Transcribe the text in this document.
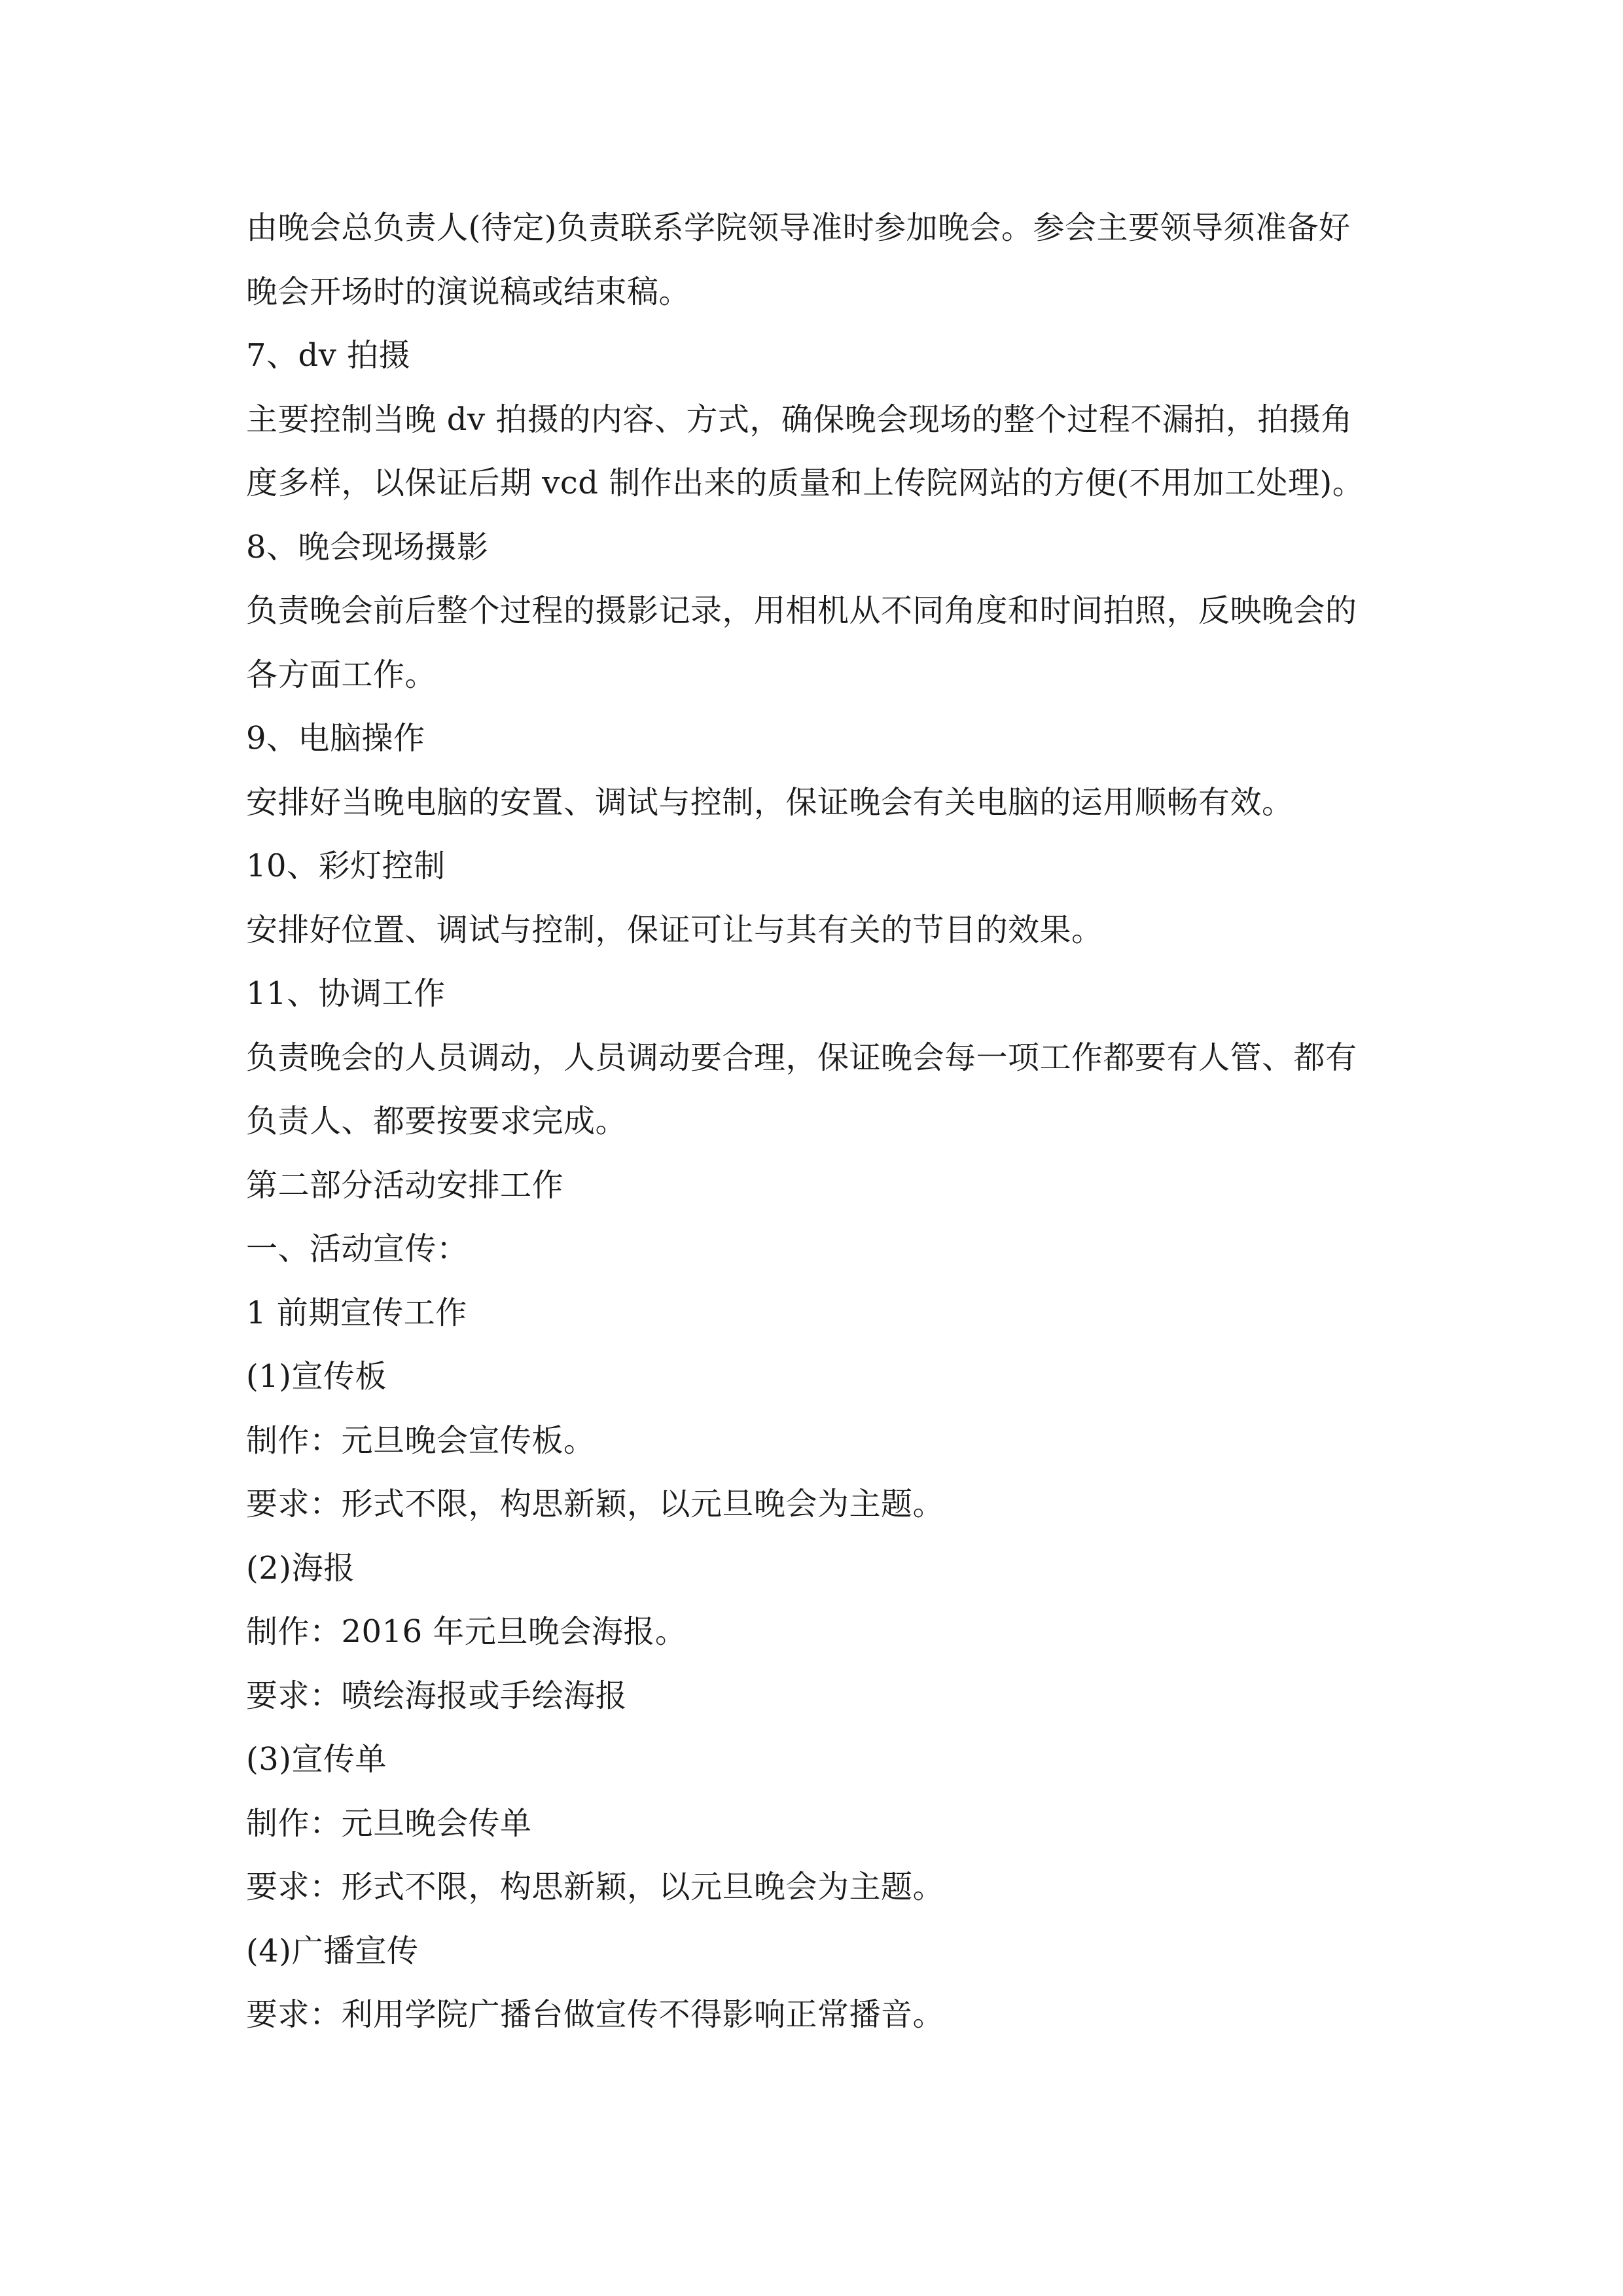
由晚会总负责人(待定)负责联系学院领导准时参加晚会。参会主要领导须准备好
晚会开场时的演说稿或结束稿。
7、dv 拍摄
主要控制当晚 dv 拍摄的内容、方式，确保晚会现场的整个过程不漏拍，拍摄角
度多样，以保证后期 vcd 制作出来的质量和上传院网站的方便(不用加工处理)。
8、晚会现场摄影
负责晚会前后整个过程的摄影记录，用相机从不同角度和时间拍照，反映晚会的
各方面工作。
9、电脑操作
安排好当晚电脑的安置、调试与控制，保证晚会有关电脑的运用顺畅有效。
10、彩灯控制
安排好位置、调试与控制，保证可让与其有关的节目的效果。
11、协调工作
负责晚会的人员调动，人员调动要合理，保证晚会每一项工作都要有人管、都有
负责人、都要按要求完成。
第二部分活动安排工作
一、活动宣传：
1 前期宣传工作
(1)宣传板
制作：元旦晚会宣传板。
要求：形式不限，构思新颖，以元旦晚会为主题。
(2)海报
制作：2016 年元旦晚会海报。
要求：喷绘海报或手绘海报
(3)宣传单
制作：元旦晚会传单
要求：形式不限，构思新颖，以元旦晚会为主题。
(4)广播宣传
要求：利用学院广播台做宣传不得影响正常播音。
